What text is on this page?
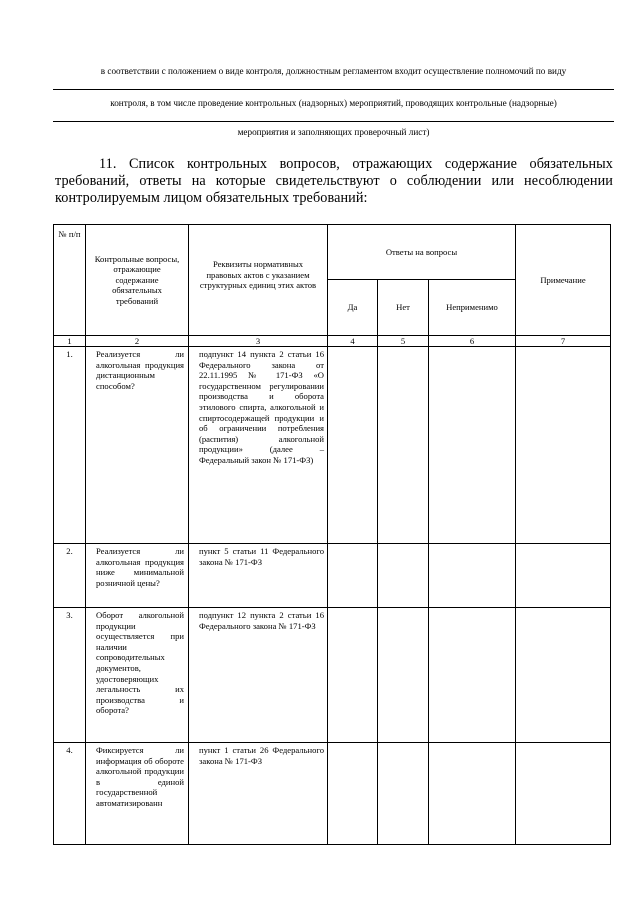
в соответствии с положением о виде контроля, должностным регламентом входит осуществление полномочий по виду
контроля, в том числе проведение контрольных (надзорных) мероприятий, проводящих контрольные (надзорные)
мероприятия и заполняющих проверочный лист)
11. Список контрольных вопросов, отражающих содержание обязательных требований, ответы на которые свидетельствуют о соблюдении или несоблюдении контролируемым лицом обязательных требований:
№ п/п	Контрольные вопросы, отражающие содержание обязательных требований	Реквизиты нормативных правовых актов с указанием структурных единиц этих актов	Ответы на вопросы			Примечание
			Да	Нет	Неприменимо	
1	2	3	4	5	6	7
1.	Реализуется ли алкогольная продукция дистанционным способом?	подпункт 14 пункта 2 статьи 16 Федерального закона от 22.11.1995 № 171-ФЗ «О государственном регулировании производства и оборота этилового спирта, алкогольной и спиртосодержащей продукции и об ограничении потребления (распития) алкогольной продукции» (далее – Федеральный закон № 171-ФЗ)				
2.	Реализуется ли алкогольная продукция ниже минимальной розничной цены?	пункт 5 статьи 11 Федерального закона № 171-ФЗ				
3.	Оборот алкогольной продукции осуществляется при наличии сопроводительных документов, удостоверяющих легальность их производства и оборота?	подпункт 12 пункта 2 статьи 16 Федерального закона № 171-ФЗ				
4.	Фиксируется ли информация об обороте алкогольной продукции в единой государственной автоматизированн	пункт 1 статьи 26 Федерального закона № 171-ФЗ				
